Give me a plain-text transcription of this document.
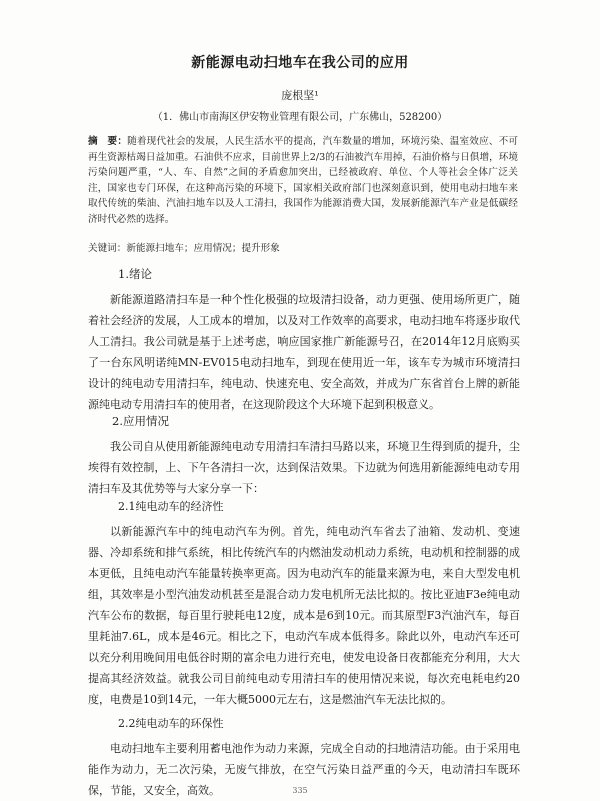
新能源电动扫地车在我公司的应用
庞根坚¹
（1．佛山市南海区伊安物业管理有限公司，广东佛山，528200）

摘　要：随着现代社会的发展，人民生活水平的提高，汽车数量的增加，环境污染、温室效应、不可再生资源枯竭日益加重。石油供不应求，目前世界上2/3的石油被汽车用掉，石油价格与日俱增，环境污染问题严重，“人、车、自然”之间的矛盾愈加突出，已经被政府、单位、个人等社会全体广泛关注，国家也专门环保，在这种高污染的环境下，国家相关政府部门也深刻意识到，使用电动扫地车来取代传统的柴油、汽油扫地车以及人工清扫，我国作为能源消费大国，发展新能源汽车产业是低碳经济时代必然的选择。

关键词：新能源扫地车；应用情况；提升形象

1.绪论

新能源道路清扫车是一种个性化极强的垃圾清扫设备，动力更强、使用场所更广，随着社会经济的发展，人工成本的增加，以及对工作效率的高要求，电动扫地车将逐步取代人工清扫。我公司就是基于上述考虑，响应国家推广新能源号召，在2014年12月底购买了一台东风明诺纯MN-EV015电动扫地车，到现在使用近一年，该车专为城市环境清扫设计的纯电动专用清扫车，纯电动、快速充电、安全高效，并成为广东省首台上牌的新能源纯电动专用清扫车的使用者，在这现阶段这个大环境下起到积极意义。

2.应用情况

我公司自从使用新能源纯电动专用清扫车清扫马路以来，环境卫生得到质的提升，尘埃得有效控制，上、下午各清扫一次，达到保洁效果。下边就为何选用新能源纯电动专用清扫车及其优势等与大家分享一下：

2.1纯电动车的经济性

以新能源汽车中的纯电动汽车为例。首先，纯电动汽车省去了油箱、发动机、变速器、冷却系统和排气系统，相比传统汽车的内燃油发动机动力系统，电动机和控制器的成本更低，且纯电动汽车能量转换率更高。因为电动汽车的能量来源为电，来自大型发电机组，其效率是小型汽油发动机甚至是混合动力发电机所无法比拟的。按比亚迪F3e纯电动汽车公布的数据，每百里行驶耗电12度，成本是6到10元。而其原型F3汽油汽车，每百里耗油7.6L，成本是46元。相比之下，电动汽车成本低得多。除此以外，电动汽车还可以充分利用晚间用电低谷时期的富余电力进行充电，使发电设备日夜都能充分利用，大大提高其经济效益。就我公司目前纯电动专用清扫车的使用情况来说，每次充电耗电约20度，电费是10到14元，一年大概5000元左右，这是燃油汽车无法比拟的。

2.2纯电动车的环保性

电动扫地车主要利用蓄电池作为动力来源，完成全自动的扫地清洁功能。由于采用电能作为动力，无二次污染，无废气排放，在空气污染日益严重的今天，电动清扫车既环保，节能，又安全，高效。	335
